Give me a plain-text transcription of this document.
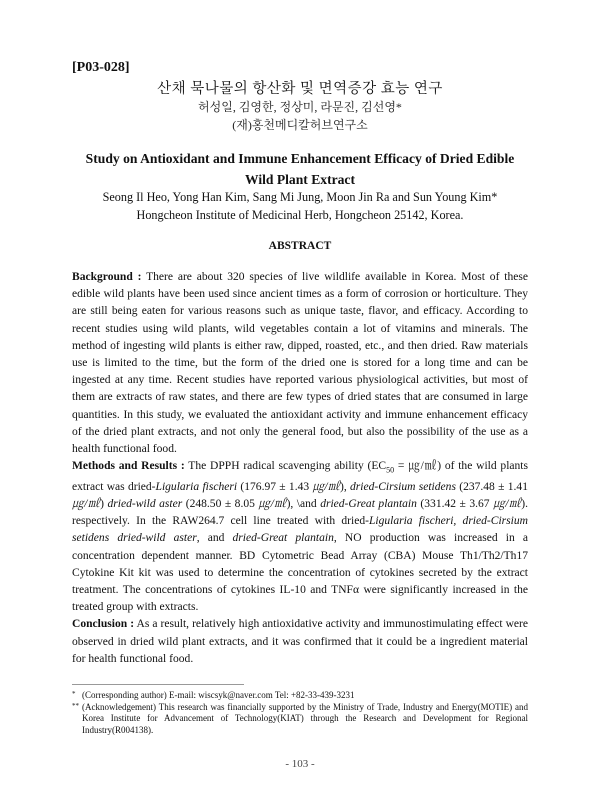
[P03-028]
산채 묵나물의 항산화 및 면역증강 효능 연구
허성일, 김영한, 정상미, 라문진, 김선영*
(재)홍천메디칼허브연구소
Study on Antioxidant and Immune Enhancement Efficacy of Dried Edible Wild Plant Extract
Seong Il Heo, Yong Han Kim, Sang Mi Jung, Moon Jin Ra and Sun Young Kim*
Hongcheon Institute of Medicinal Herb, Hongcheon 25142, Korea.
ABSTRACT

Background : There are about 320 species of live wildlife available in Korea. Most of these edible wild plants have been used since ancient times as a form of corrosion or horticulture. They are still being eaten for various reasons such as unique taste, flavor, and efficacy. According to recent studies using wild plants, wild vegetables contain a lot of vitamins and minerals. The method of ingesting wild plants is either raw, dipped, roasted, etc., and then dried. Raw materials use is limited to the time, but the form of the dried one is stored for a long time and can be ingested at any time. Recent studies have reported various physiological activities, but most of them are extracts of raw states, and there are few types of dried states that are consumed in large quantities. In this study, we evaluated the antioxidant activity and immune enhancement efficacy of the dried plant extracts, and not only the general food, but also the possibility of the use as a health functional food.

Methods and Results : The DPPH radical scavenging ability ($EC_{50}$ = ㎍/㎖) of the wild plants extract was dried-Ligularia fischeri (176.97 ± 1.43 ㎍/㎖), dried-Cirsium setidens (237.48 ± 1.41 ㎍/㎖) dried-wild aster (248.50 ± 8.05 ㎍/㎖), \and dried-Great plantain (331.42 ± 3.67 ㎍/㎖). respectively. In the RAW264.7 cell line treated with dried-Ligularia fischeri, dried-Cirsium setidens dried-wild aster, and dried-Great plantain, NO production was increased in a concentration dependent manner. BD Cytometric Bead Array (CBA) Mouse Th1/Th2/Th17 Cytokine Kit kit was used to determine the concentration of cytokines secreted by the extract treatment. The concentrations of cytokines IL-10 and TNFα were significantly increased in the treated group with extracts.

Conclusion : As a result, relatively high antioxidative activity and immunostimulating effect were observed in dried wild plant extracts, and it was confirmed that it could be a ingredient material for health functional food.

* (Corresponding author) E-mail: wiscsyk@naver.com Tel: +82-33-439-3231
** (Acknowledgement) This research was financially supported by the Ministry of Trade, Industry and Energy(MOTIE) and Korea Institute for Advancement of Technology(KIAT) through the Research and Development for Regional Industry(R004138).
- 103 -
